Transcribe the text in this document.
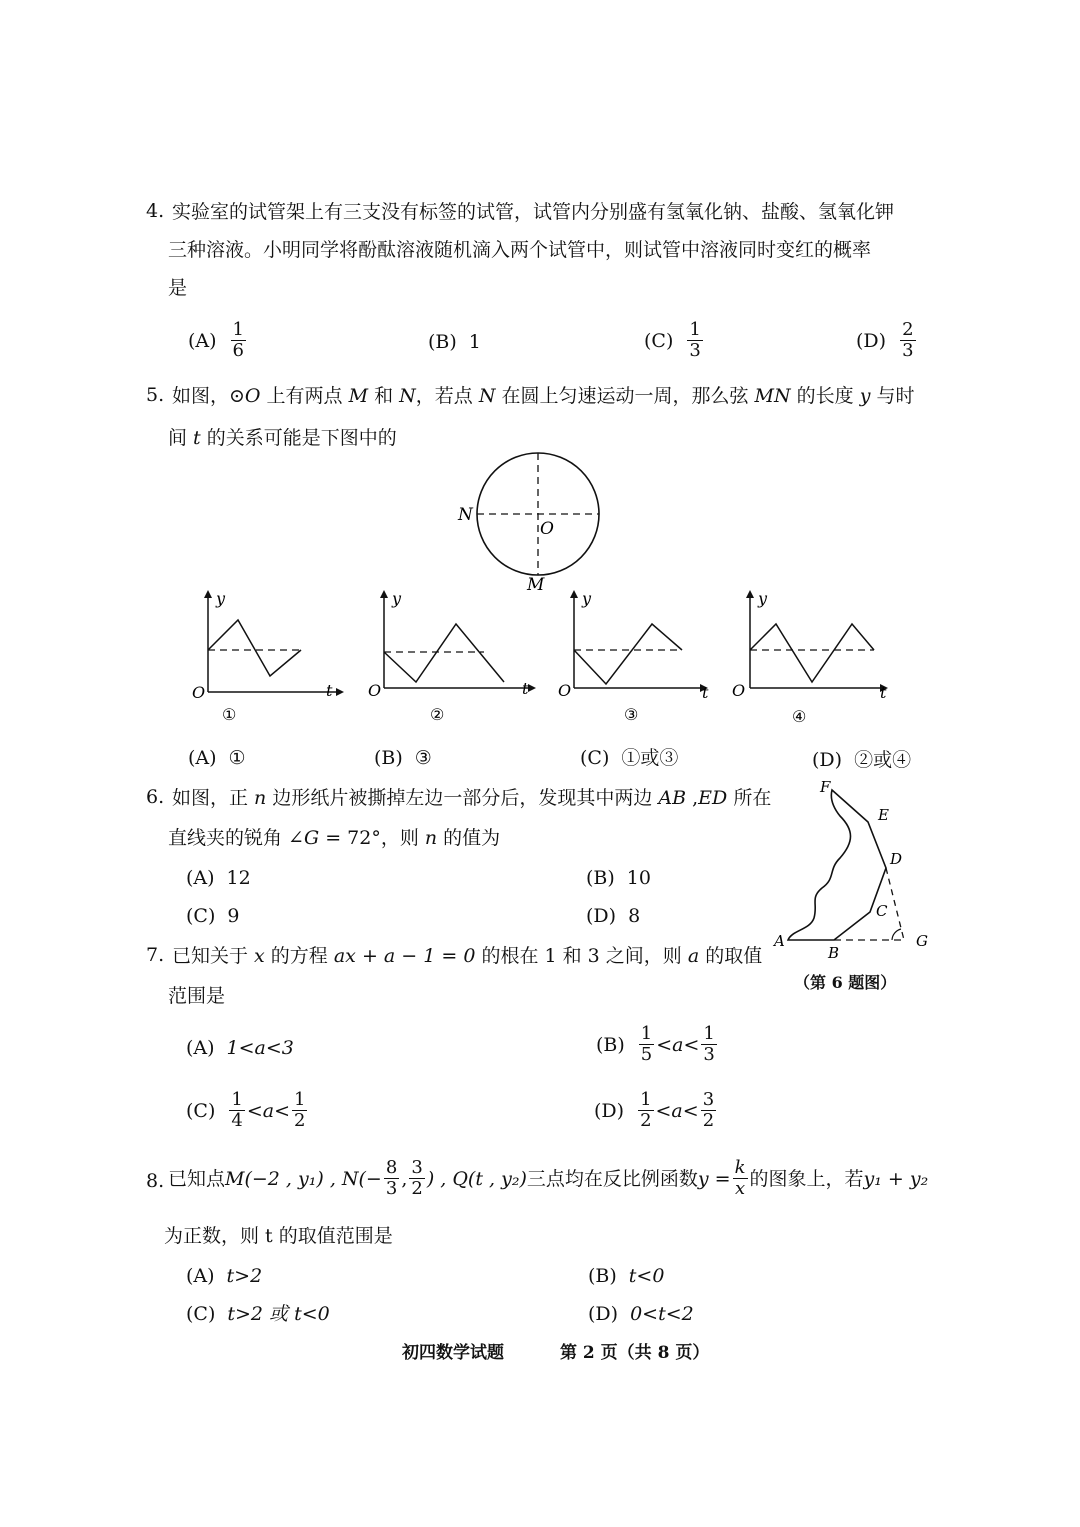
4. 实验室的试管架上有三支没有标签的试管，试管内分别盛有氢氧化钠、盐酸、氢氧化钾
三种溶液。小明同学将酚酞溶液随机滴入两个试管中，则试管中溶液同时变红的概率
是
$(A) \frac{1}{6}$	(B) 1	$(C) \frac{1}{3}$	$(D) \frac{2}{3}$
5. 如图，⊙O 上有两点 M 和 N，若点 N 在圆上匀速运动一周，那么弦 MN 的长度 y 与时
间 t 的关系可能是下图中的
N
O
M
y
O	t
①
y
O	t
②
y
O	t
③
y
O	t
④
(A) ①	(B) ③	(C) ①或③	(D) ②或④
6. 如图，正 n 边形纸片被撕掉左边一部分后，发现其中两边 AB ,ED 所在
直线夹的锐角 ∠G = 72°，则 n 的值为
(A) 12	(B) 10
(C) 9	(D) 8
F
E
D
C
A
B
G
（第 6 题图）
7. 已知关于 x 的方程 ax + a − 1 = 0 的根在 1 和 3 之间，则 a 的取值
范围是
(A) 1<a<3	$(B) \frac{1}{5} <a< \frac{1}{3}$
$(C) \frac{1}{4} <a< \frac{1}{2}$	$(D) \frac{1}{2} <a< \frac{3}{2}$
8. 已知点 M(−2 , y₁) , $N(- \frac{8}{3}$ , $\frac{3}{2}$ ) , Q(t , y₂) 三点均在反比例函数 $y = \frac{k}{x}$ 的图象上，若 y₁ + y₂
为正数，则 t 的取值范围是
(A) t>2	(B) t<0
(C) t>2 或 t<0	(D) 0<t<2
初四数学试题	第 2 页（共 8 页）
